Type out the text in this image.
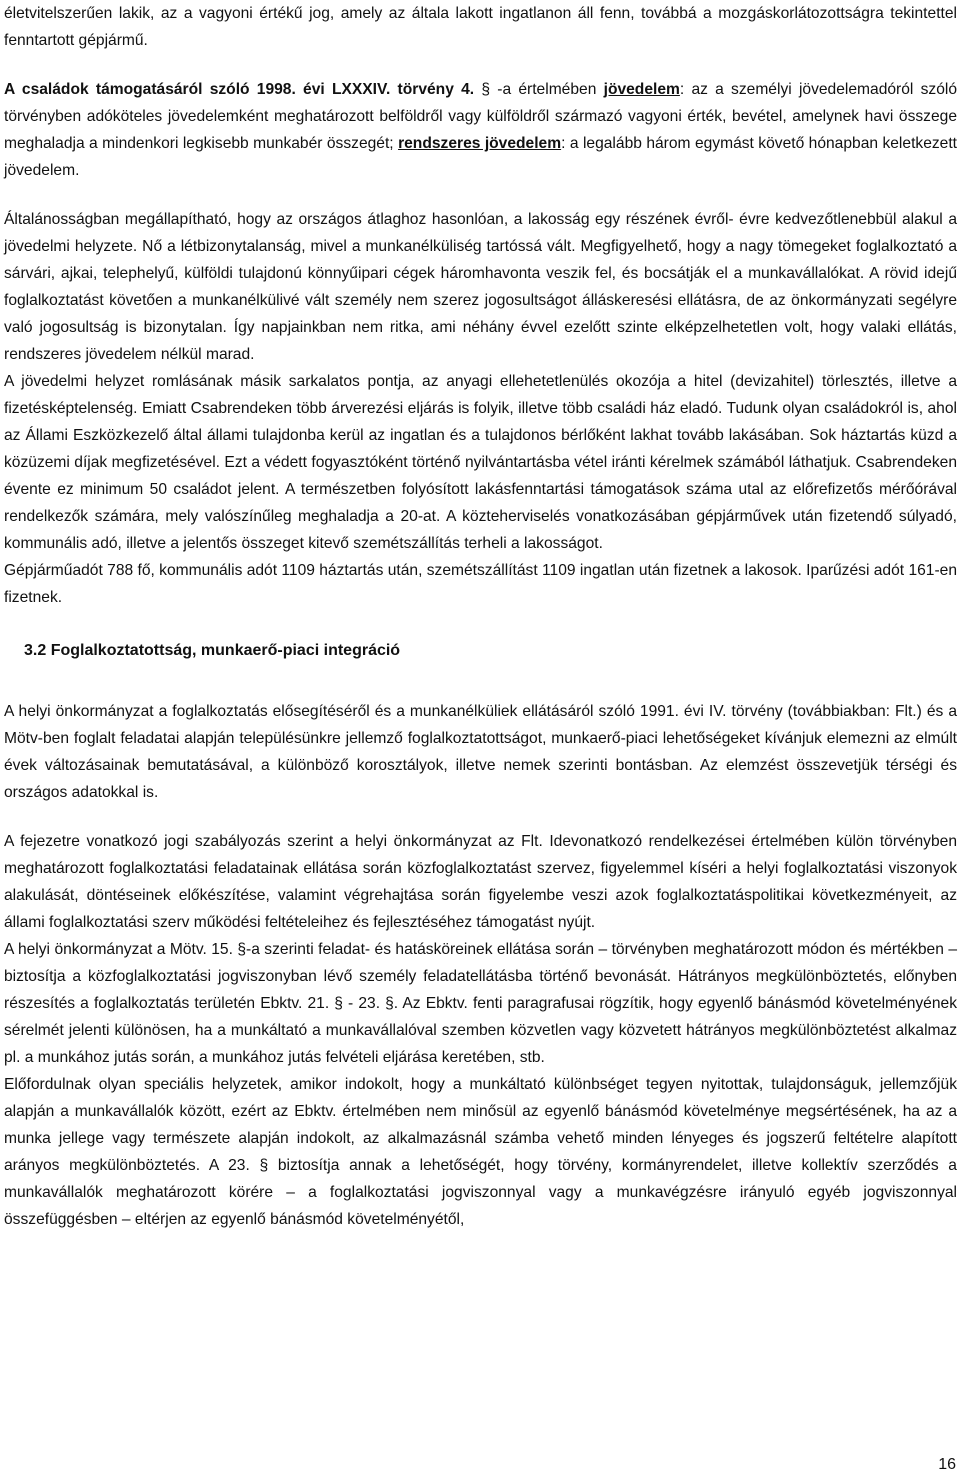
életvitelszerűen lakik, az a vagyoni értékű jog, amely az általa lakott ingatlanon áll fenn, továbbá a mozgáskorlátozottságra tekintettel fenntartott gépjármű.

A családok támogatásáról szóló 1998. évi LXXXIV. törvény 4. § -a értelmében jövedelem: az a személyi jövedelemadóról szóló törvényben adóköteles jövedelemként meghatározott belföldről vagy külföldről származó vagyoni érték, bevétel, amelynek havi összege meghaladja a mindenkori legkisebb munkabér összegét; rendszeres jövedelem: a legalább három egymást követő hónapban keletkezett jövedelem.

Általánosságban megállapítható, hogy az országos átlaghoz hasonlóan, a lakosság egy részének évről- évre kedvezőtlenebbül alakul a jövedelmi helyzete. Nő a létbizonytalanság, mivel a munkanélküliség tartóssá vált. Megfigyelhető, hogy a nagy tömegeket foglalkoztató a sárvári, ajkai, telephelyű, külföldi tulajdonú könnyűipari cégek háromhavonta veszik fel, és bocsátják el a munkavállalókat. A rövid idejű foglalkoztatást követően a munkanélkülivé vált személy nem szerez jogosultságot álláskeresési ellátásra, de az önkormányzati segélyre való jogosultság is bizonytalan. Így napjainkban nem ritka, ami néhány évvel ezelőtt szinte elképzelhetetlen volt, hogy valaki ellátás, rendszeres jövedelem nélkül marad.

A jövedelmi helyzet romlásának másik sarkalatos pontja, az anyagi ellehetetlenülés okozója a hitel (devizahitel) törlesztés, illetve a fizetésképtelenség. Emiatt Csabrendeken több árverezési eljárás is folyik, illetve több családi ház eladó. Tudunk olyan családokról is, ahol az Állami Eszközkezelő által állami tulajdonba kerül az ingatlan és a tulajdonos bérlőként lakhat tovább lakásában. Sok háztartás küzd a közüzemi díjak megfizetésével. Ezt a védett fogyasztóként történő nyilvántartásba vétel iránti kérelmek számából láthatjuk. Csabrendeken évente ez minimum 50 családot jelent. A természetben folyósított lakásfenntartási támogatások száma utal az előrefizetős mérőórával rendelkezők számára, mely valószínűleg meghaladja a 20-at. A közteherviselés vonatkozásában gépjárművek után fizetendő súlyadó, kommunális adó, illetve a jelentős összeget kitevő szemétszállítás terheli a lakosságot.

Gépjárműadót 788 fő, kommunális adót 1109 háztartás után, szemétszállítást 1109 ingatlan után fizetnek a lakosok. Iparűzési adót 161-en fizetnek.

3.2 Foglalkoztatottság, munkaerő-piaci integráció

A helyi önkormányzat a foglalkoztatás elősegítéséről és a munkanélküliek ellátásáról szóló 1991. évi IV. törvény (továbbiakban: Flt.) és a Mötv-ben foglalt feladatai alapján településünkre jellemző foglalkoztatottságot, munkaerő-piaci lehetőségeket kívánjuk elemezni az elmúlt évek változásainak bemutatásával, a különböző korosztályok, illetve nemek szerinti bontásban. Az elemzést összevetjük térségi és országos adatokkal is.

A fejezetre vonatkozó jogi szabályozás szerint a helyi önkormányzat az Flt. Idevonatkozó rendelkezései értelmében külön törvényben meghatározott foglalkoztatási feladatainak ellátása során közfoglalkoztatást szervez, figyelemmel kíséri a helyi foglalkoztatási viszonyok alakulását, döntéseinek előkészítése, valamint végrehajtása során figyelembe veszi azok foglalkoztatáspolitikai következményeit, az állami foglalkoztatási szerv működési feltételeihez és fejlesztéséhez támogatást nyújt.

A helyi önkormányzat a Mötv. 15. §-a szerinti feladat- és hatásköreinek ellátása során – törvényben meghatározott módon és mértékben – biztosítja a közfoglalkoztatási jogviszonyban lévő személy feladatellátásba történő bevonását. Hátrányos megkülönböztetés, előnyben részesítés a foglalkoztatás területén Ebktv. 21. § - 23. §. Az Ebktv. fenti paragrafusai rögzítik, hogy egyenlő bánásmód követelményének sérelmét jelenti különösen, ha a munkáltató a munkavállalóval szemben közvetlen vagy közvetett hátrányos megkülönböztetést alkalmaz pl. a munkához jutás során, a munkához jutás felvételi eljárása keretében, stb.

Előfordulnak olyan speciális helyzetek, amikor indokolt, hogy a munkáltató különbséget tegyen nyitottak, tulajdonságuk, jellemzőjük alapján a munkavállalók között, ezért az Ebktv. értelmében nem minősül az egyenlő bánásmód követelménye megsértésének, ha az a munka jellege vagy természete alapján indokolt, az alkalmazásnál számba vehető minden lényeges és jogszerű feltételre alapított arányos megkülönböztetés. A 23. § biztosítja annak a lehetőségét, hogy törvény, kormányrendelet, illetve kollektív szerződés a munkavállalók meghatározott körére – a foglalkoztatási jogviszonnyal vagy a munkavégzésre irányuló egyéb jogviszonnyal összefüggésben – eltérjen az egyenlő bánásmód követelményétől,

16
